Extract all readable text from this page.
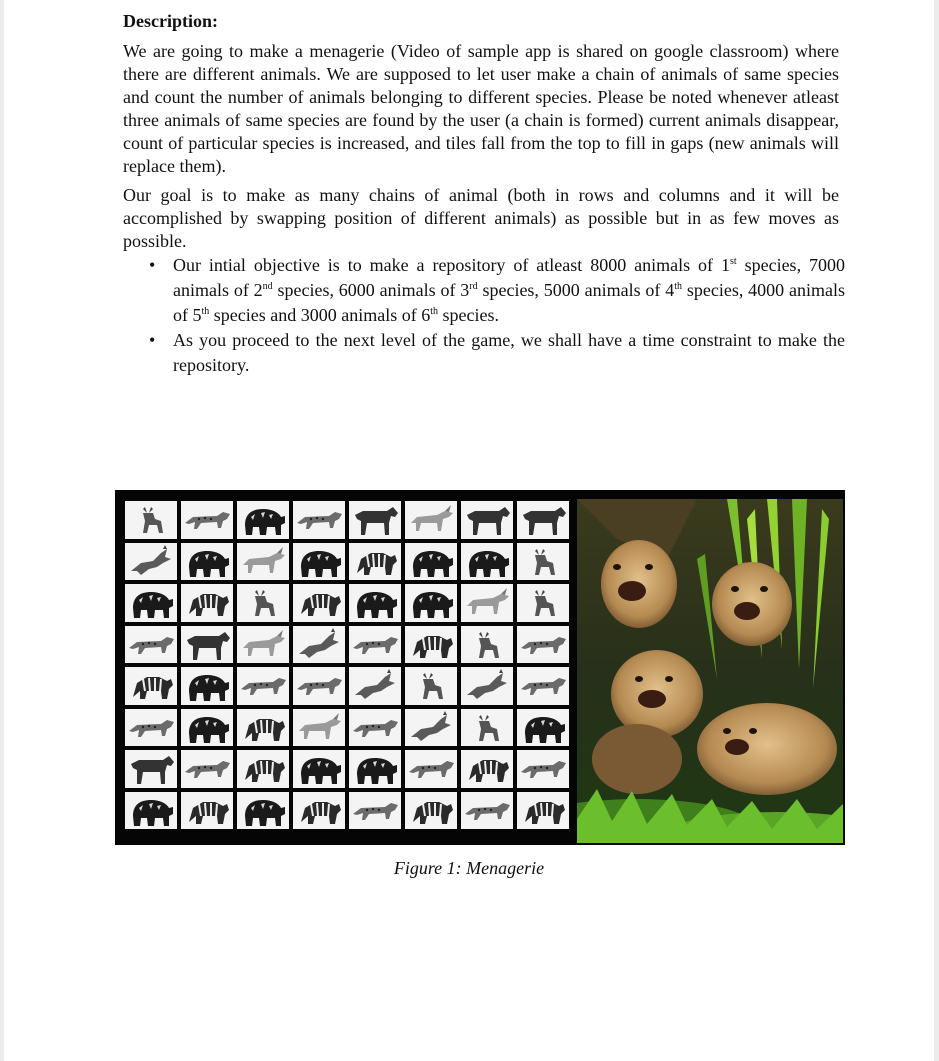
Description:

We are going to make a menagerie (Video of sample app is shared on google classroom) where there are different animals. We are supposed to let user make a chain of animals of same species and count the number of animals belonging to different species. Please be noted whenever atleast three animals of same species are found by the user (a chain is formed) current animals disappear, count of particular species is increased, and tiles fall from the top to fill in gaps (new animals will replace them).

Our goal is to make as many chains of animal (both in rows and columns and it will be accomplished by swapping position of different animals) as possible but in as few moves as possible.

• Our intial objective is to make a repository of atleast 8000 animals of 1st species, 7000 animals of 2nd species, 6000 animals of 3rd species, 5000 animals of 4th species, 4000 animals of 5th species and 3000 animals of 6th species.
• As you proceed to the next level of the game, we shall have a time constraint to make the repository.
Figure 1: Menagerie
